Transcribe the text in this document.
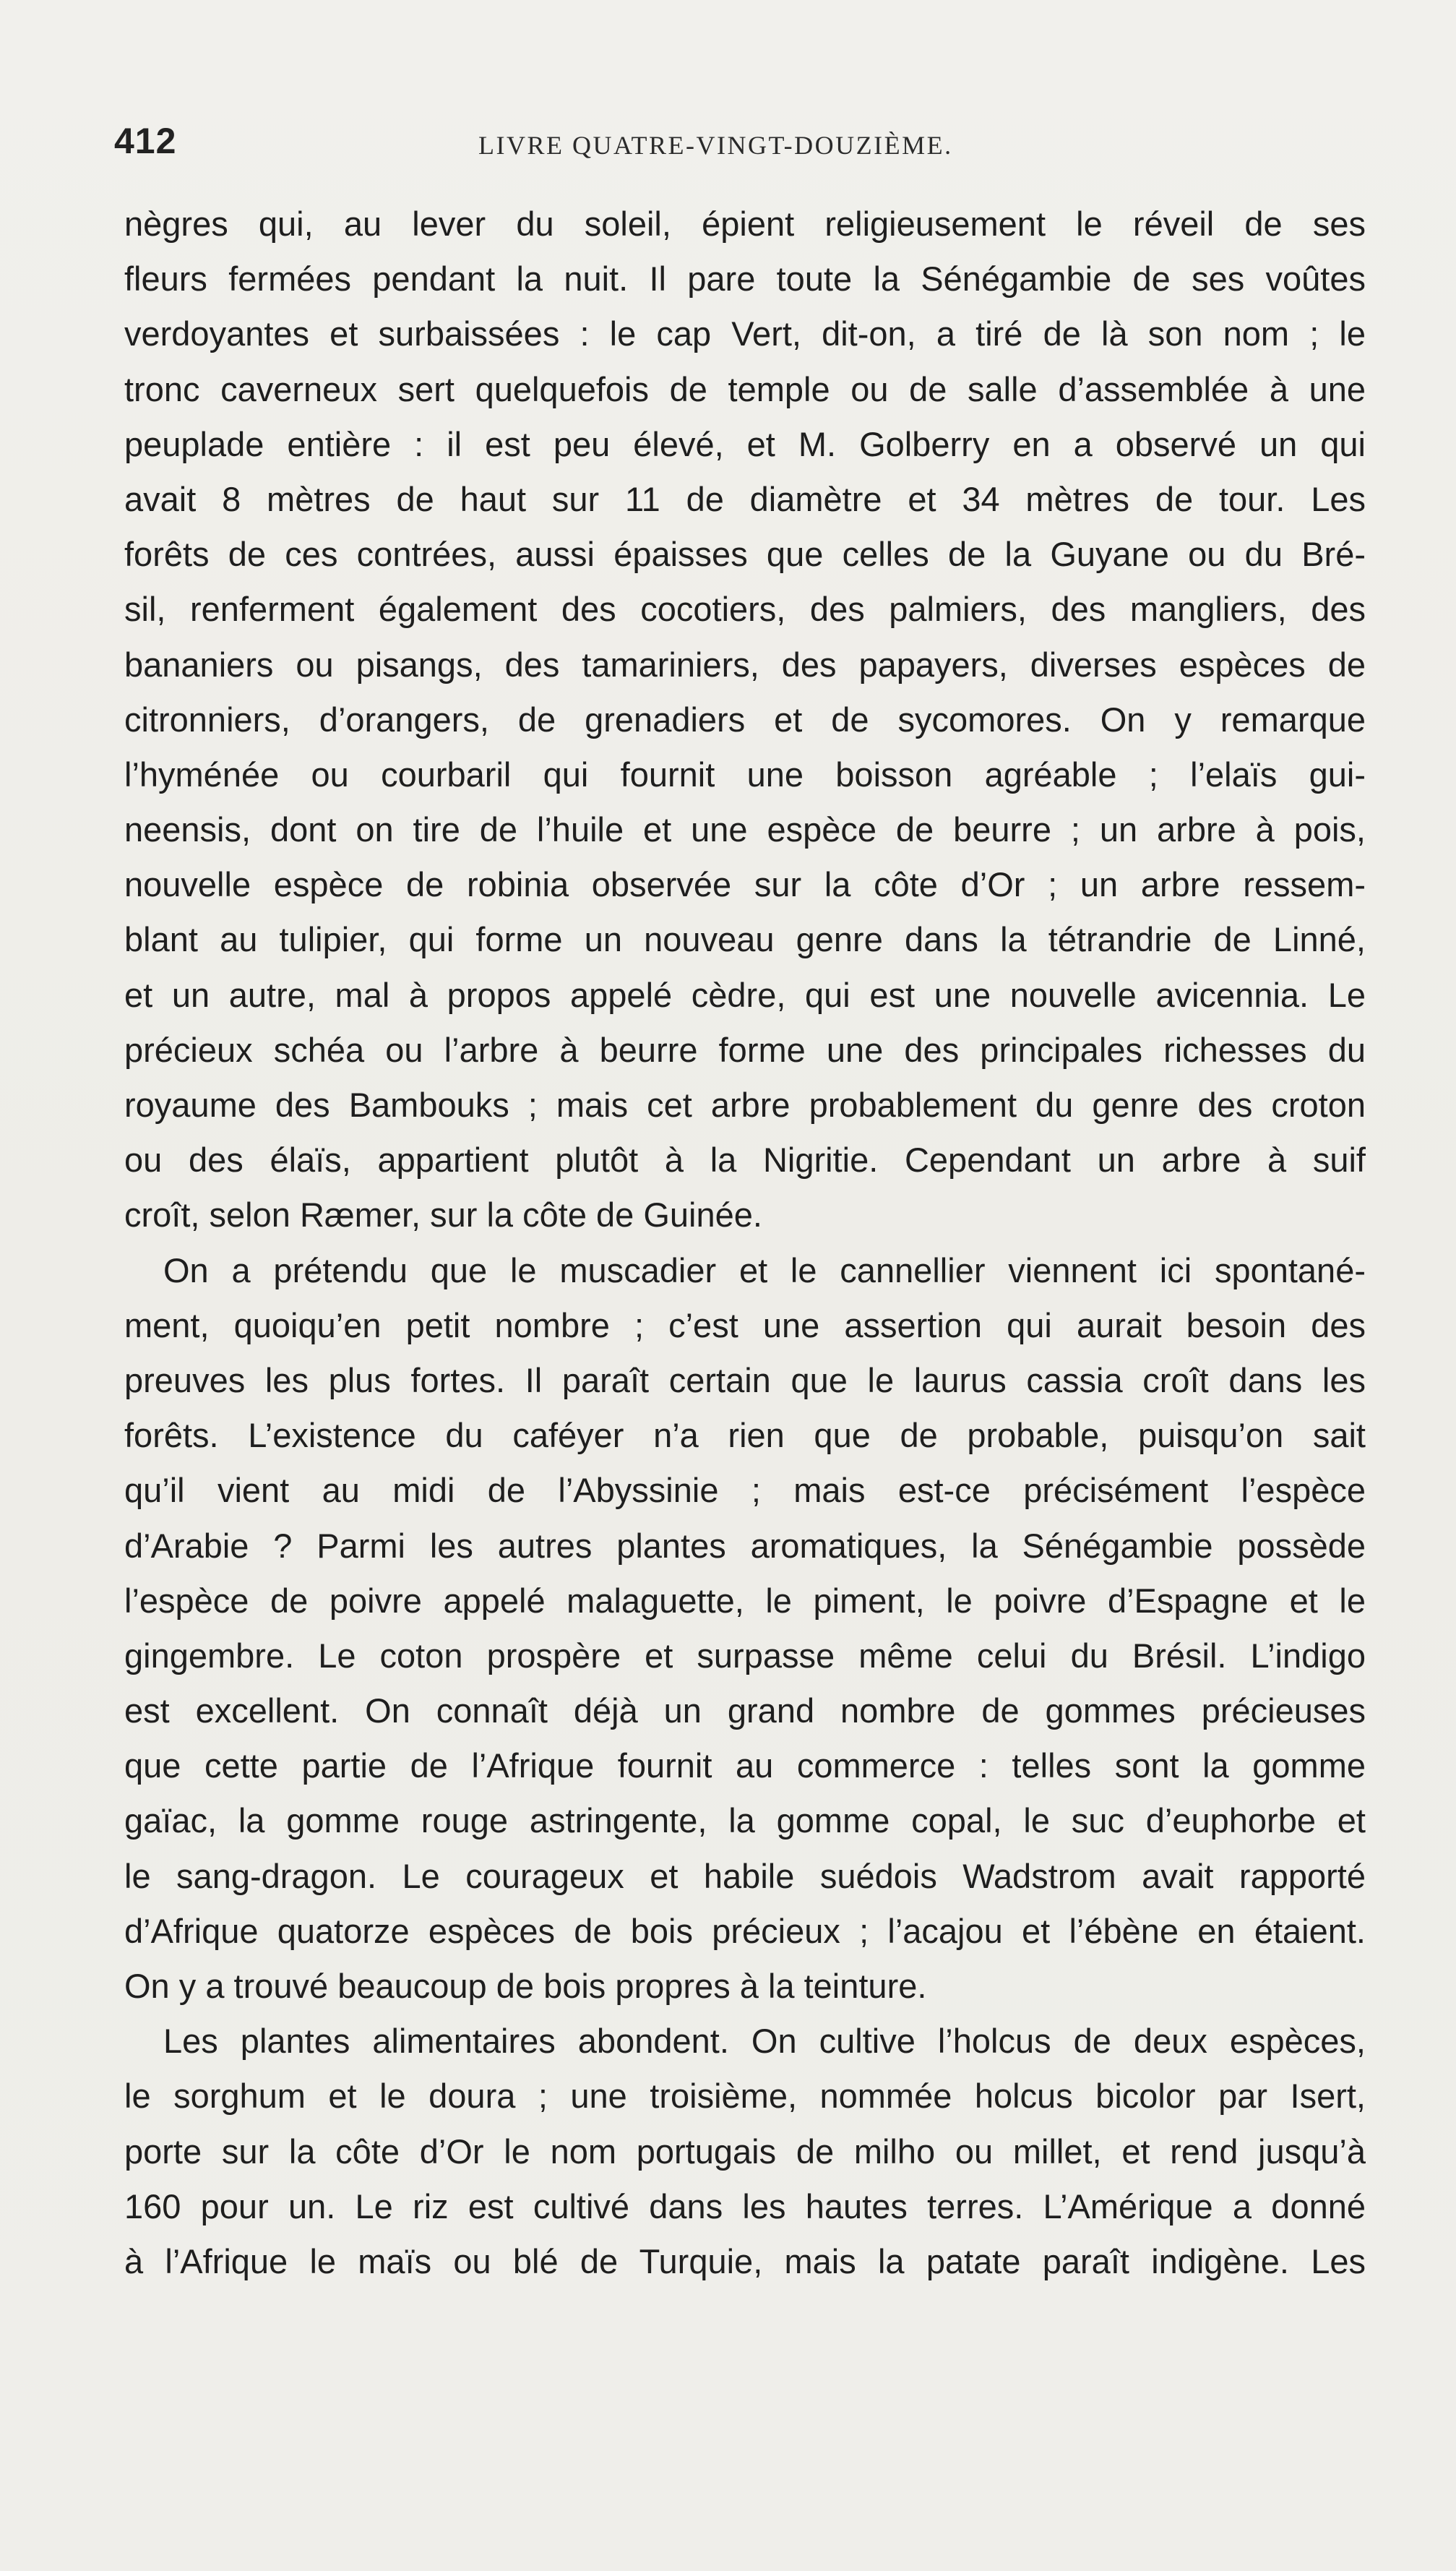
412	LIVRE QUATRE-VINGT-DOUZIÈME.
nègres qui, au lever du soleil, épient religieusement le réveil de ses
fleurs fermées pendant la nuit. Il pare toute la Sénégambie de ses voûtes
verdoyantes et surbaissées : le cap Vert, dit-on, a tiré de là son nom ; le
tronc caverneux sert quelquefois de temple ou de salle d’assemblée à une
peuplade entière : il est peu élevé, et M. Golberry en a observé un qui
avait 8 mètres de haut sur 11 de diamètre et 34 mètres de tour. Les
forêts de ces contrées, aussi épaisses que celles de la Guyane ou du Bré-
sil, renferment également des cocotiers, des palmiers, des mangliers, des
bananiers ou pisangs, des tamariniers, des papayers, diverses espèces de
citronniers, d’orangers, de grenadiers et de sycomores. On y remarque
l’hyménée ou courbaril qui fournit une boisson agréable ; l’elaïs gui-
neensis, dont on tire de l’huile et une espèce de beurre ; un arbre à pois,
nouvelle espèce de robinia observée sur la côte d’Or ; un arbre ressem-
blant au tulipier, qui forme un nouveau genre dans la tétrandrie de Linné,
et un autre, mal à propos appelé cèdre, qui est une nouvelle avicennia. Le
précieux schéa ou l’arbre à beurre forme une des principales richesses du
royaume des Bambouks ; mais cet arbre probablement du genre des croton
ou des élaïs, appartient plutôt à la Nigritie. Cependant un arbre à suif
croît, selon Ræmer, sur la côte de Guinée.
On a prétendu que le muscadier et le cannellier viennent ici spontané-
ment, quoiqu’en petit nombre ; c’est une assertion qui aurait besoin des
preuves les plus fortes. Il paraît certain que le laurus cassia croît dans les
forêts. L’existence du caféyer n’a rien que de probable, puisqu’on sait
qu’il vient au midi de l’Abyssinie ; mais est-ce précisément l’espèce
d’Arabie ? Parmi les autres plantes aromatiques, la Sénégambie possède
l’espèce de poivre appelé malaguette, le piment, le poivre d’Espagne et le
gingembre. Le coton prospère et surpasse même celui du Brésil. L’indigo
est excellent. On connaît déjà un grand nombre de gommes précieuses
que cette partie de l’Afrique fournit au commerce : telles sont la gomme
gaïac, la gomme rouge astringente, la gomme copal, le suc d’euphorbe et
le sang-dragon. Le courageux et habile suédois Wadstrom avait rapporté
d’Afrique quatorze espèces de bois précieux ; l’acajou et l’ébène en étaient.
On y a trouvé beaucoup de bois propres à la teinture.
Les plantes alimentaires abondent. On cultive l’holcus de deux espèces,
le sorghum et le doura ; une troisième, nommée holcus bicolor par Isert,
porte sur la côte d’Or le nom portugais de milho ou millet, et rend jusqu’à
160 pour un. Le riz est cultivé dans les hautes terres. L’Amérique a donné
à l’Afrique le maïs ou blé de Turquie, mais la patate paraît indigène. Les
